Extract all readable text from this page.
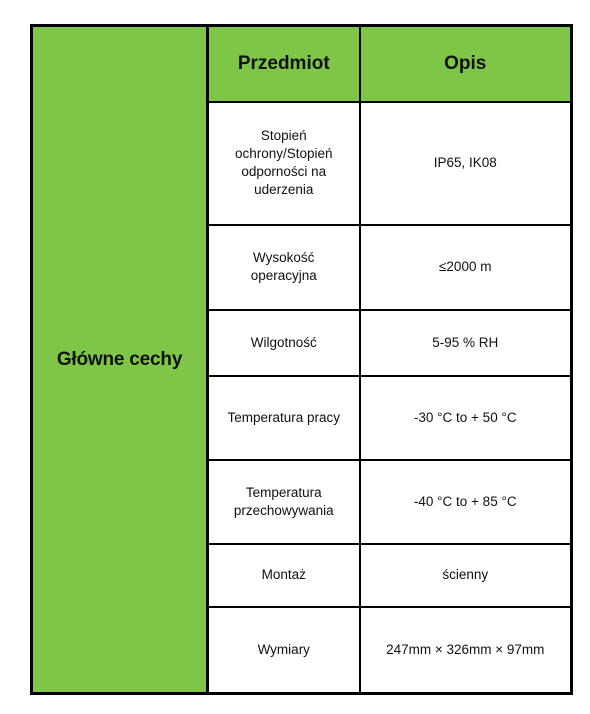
Główne cechy	Przedmiot	Opis
	Stopień ochrony/Stopień odporności na uderzenia	IP65, IK08
	Wysokość operacyjna	≤2000 m
	Wilgotność	5-95 % RH
	Temperatura pracy	-30 °C to + 50 °C
	Temperatura przechowywania	-40 °C to + 85 °C
	Montaż	ścienny
	Wymiary	247mm × 326mm × 97mm
